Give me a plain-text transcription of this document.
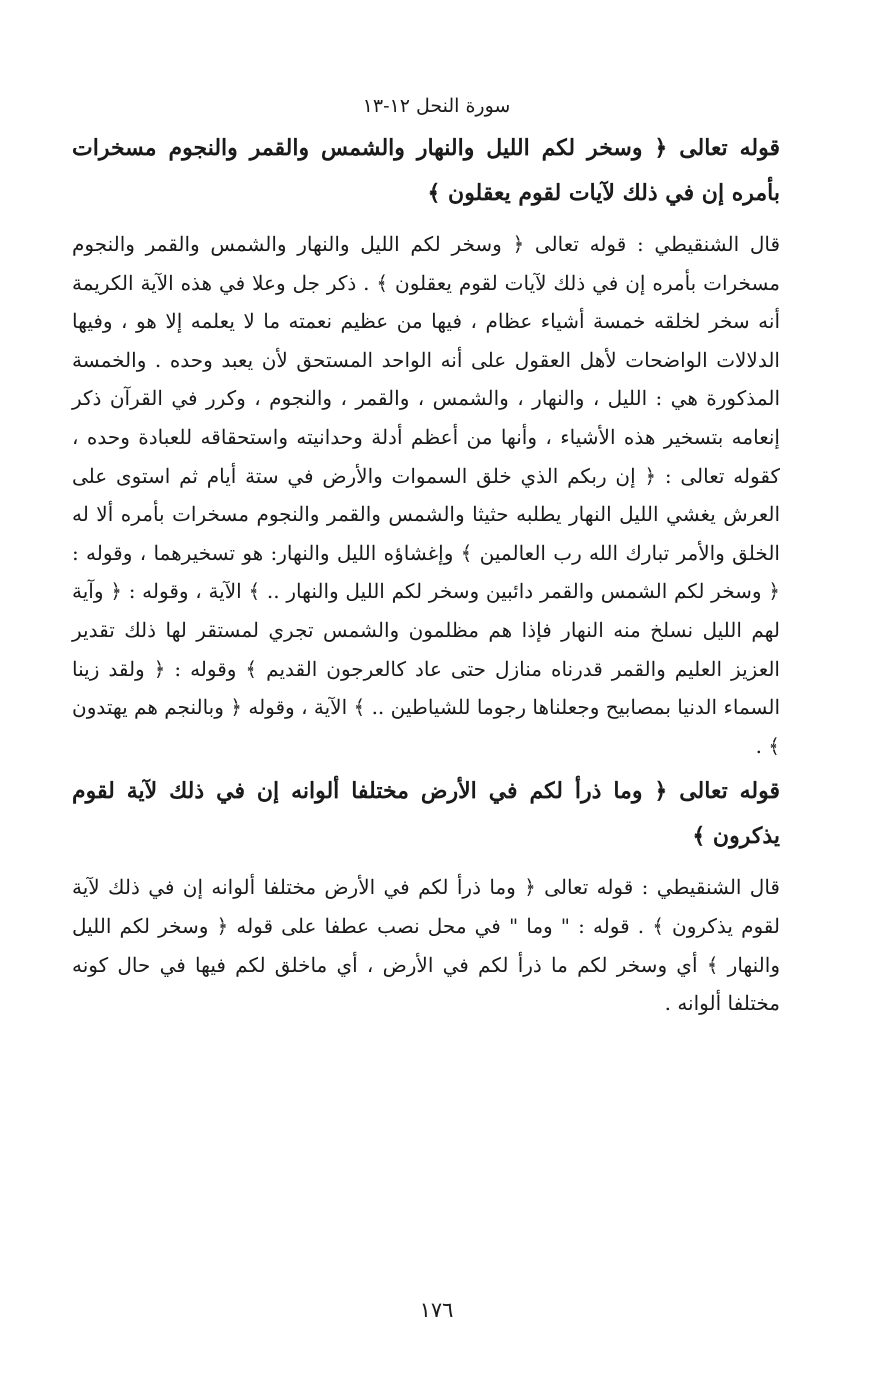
سورة النحل ١٢-١٣

قوله تعالى ﴿ وسخر لكم الليل والنهار والشمس والقمر والنجوم مسخرات بأمره إن في ذلك لآيات لقوم يعقلون ﴾

قال الشنقيطي : قوله تعالى ﴿ وسخر لكم الليل والنهار والشمس والقمر والنجوم مسخرات بأمره إن في ذلك لآيات لقوم يعقلون ﴾ . ذكر جل وعلا في هذه الآية الكريمة أنه سخر لخلقه خمسة أشياء عظام ، فيها من عظيم نعمته ما لا يعلمه إلا هو ، وفيها الدلالات الواضحات لأهل العقول على أنه الواحد المستحق لأن يعبد وحده . والخمسة المذكورة هي : الليل ، والنهار ، والشمس ، والقمر ، والنجوم ، وكرر في القرآن ذكر إنعامه بتسخير هذه الأشياء ، وأنها من أعظم أدلة وحدانيته واستحقاقه للعبادة وحده ، كقوله تعالى : ﴿ إن ربكم الذي خلق السموات والأرض في ستة أيام ثم استوى على العرش يغشي الليل النهار يطلبه حثيثا والشمس والقمر والنجوم مسخرات بأمره ألا له الخلق والأمر تبارك الله رب العالمين ﴾ وإغشاؤه الليل والنهار: هو تسخيرهما ، وقوله : ﴿ وسخر لكم الشمس والقمر دائبين وسخر لكم الليل والنهار .. ﴾ الآية ، وقوله : ﴿ وآية لهم الليل نسلخ منه النهار فإذا هم مظلمون والشمس تجري لمستقر لها ذلك تقدير العزيز العليم والقمر قدرناه منازل حتى عاد كالعرجون القديم ﴾ وقوله : ﴿ ولقد زينا السماء الدنيا بمصابيح وجعلناها رجوما للشياطين .. ﴾ الآية ، وقوله ﴿ وبالنجم هم يهتدون ﴾ .

قوله تعالى ﴿ وما ذرأ لكم في الأرض مختلفا ألوانه إن في ذلك لآية لقوم يذكرون ﴾

قال الشنقيطي : قوله تعالى ﴿ وما ذرأ لكم في الأرض مختلفا ألوانه إن في ذلك لآية لقوم يذكرون ﴾ . قوله : " وما " في محل نصب عطفا على قوله ﴿ وسخر لكم الليل والنهار ﴾ أي وسخر لكم ما ذرأ لكم في الأرض ، أي ماخلق لكم فيها في حال كونه مختلفا ألوانه .

١٧٦
